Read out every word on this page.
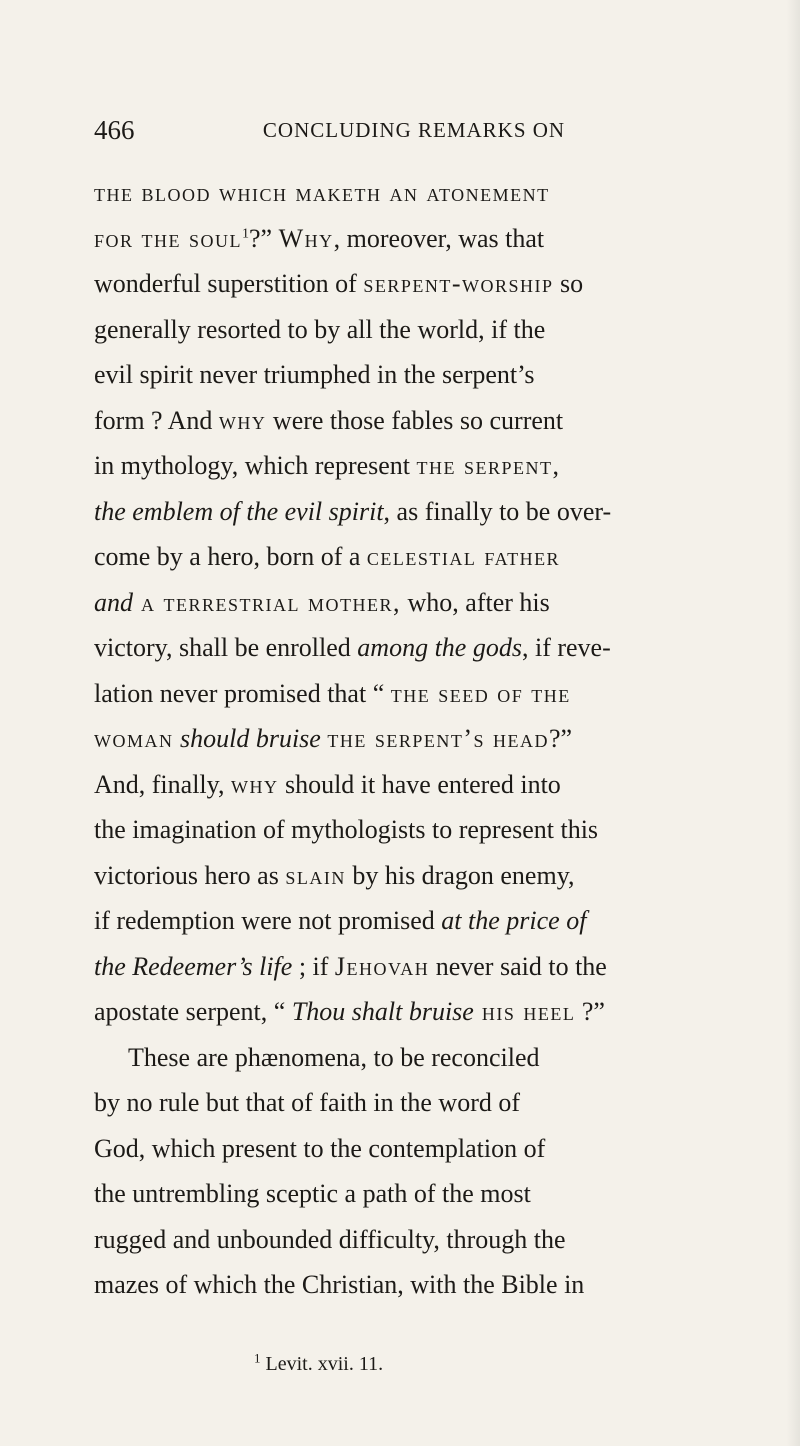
466	CONCLUDING REMARKS ON
the blood which maketh an atonement
for the soul$^1$?” Why, moreover, was that
wonderful superstition of serpent-worship so
generally resorted to by all the world, if the
evil spirit never triumphed in the serpent’s
form ? And why were those fables so current
in mythology, which represent the serpent,
the emblem of the evil spirit, as finally to be over-
come by a hero, born of a celestial father
and a terrestrial mother, who, after his
victory, shall be enrolled among the gods, if reve-
lation never promised that “ the seed of the
woman should bruise the serpent’s head?”
And, finally, why should it have entered into
the imagination of mythologists to represent this
victorious hero as slain by his dragon enemy,
if redemption were not promised at the price of
the Redeemer’s life ; if Jehovah never said to the
apostate serpent, “ Thou shalt bruise his heel ?”
These are phænomena, to be reconciled
by no rule but that of faith in the word of
God, which present to the contemplation of
the untrembling sceptic a path of the most
rugged and unbounded difficulty, through the
mazes of which the Christian, with the Bible in
$^1$ Levit. xvii. 11.
